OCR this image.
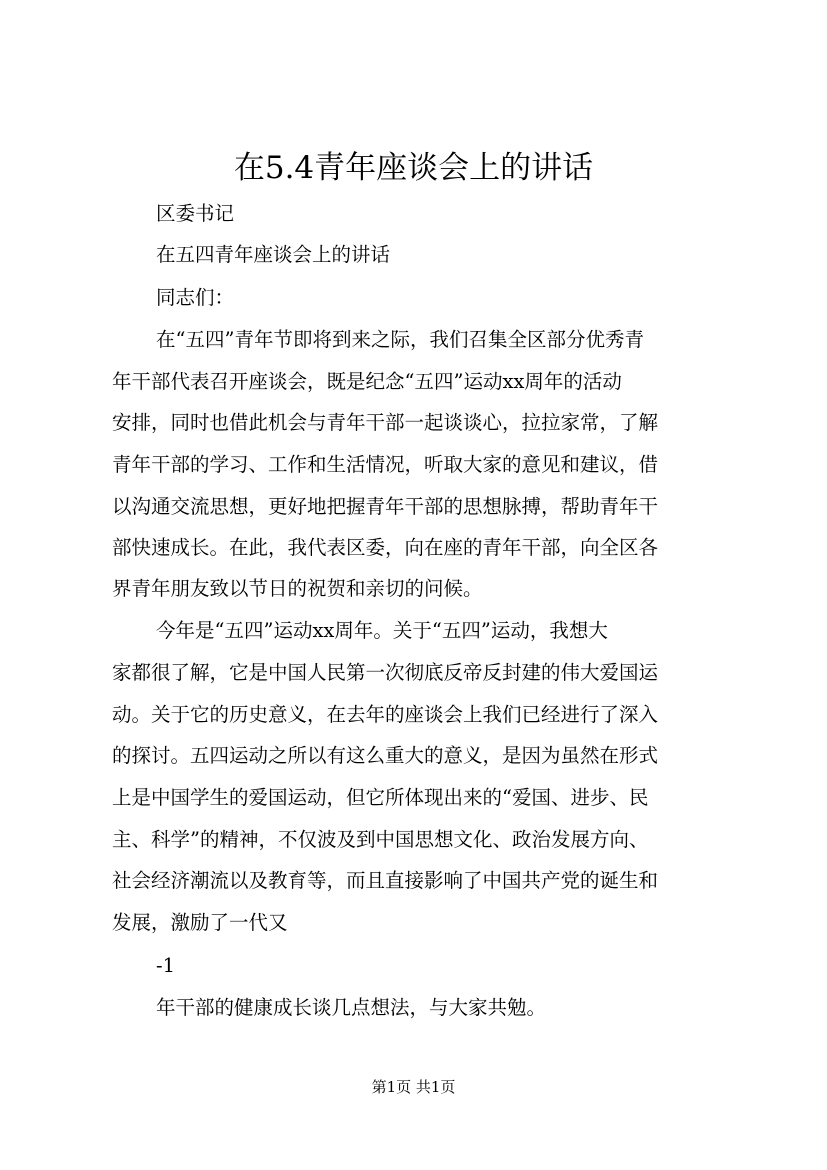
在5.4青年座谈会上的讲话
区委书记
在五四青年座谈会上的讲话
同志们：
在“五四”青年节即将到来之际，我们召集全区部分优秀青
年干部代表召开座谈会，既是纪念“五四”运动xx周年的活动
安排，同时也借此机会与青年干部一起谈谈心，拉拉家常，了解
青年干部的学习、工作和生活情况，听取大家的意见和建议，借
以沟通交流思想，更好地把握青年干部的思想脉搏，帮助青年干
部快速成长。在此，我代表区委，向在座的青年干部，向全区各
界青年朋友致以节日的祝贺和亲切的问候。
今年是“五四”运动xx周年。关于“五四”运动，我想大
家都很了解，它是中国人民第一次彻底反帝反封建的伟大爱国运
动。关于它的历史意义，在去年的座谈会上我们已经进行了深入
的探讨。五四运动之所以有这么重大的意义，是因为虽然在形式
上是中国学生的爱国运动，但它所体现出来的“爱国、进步、民
主、科学”的精神，不仅波及到中国思想文化、政治发展方向、
社会经济潮流以及教育等，而且直接影响了中国共产党的诞生和
发展，激励了一代又
-1
年干部的健康成长谈几点想法，与大家共勉。
第1页 共1页
